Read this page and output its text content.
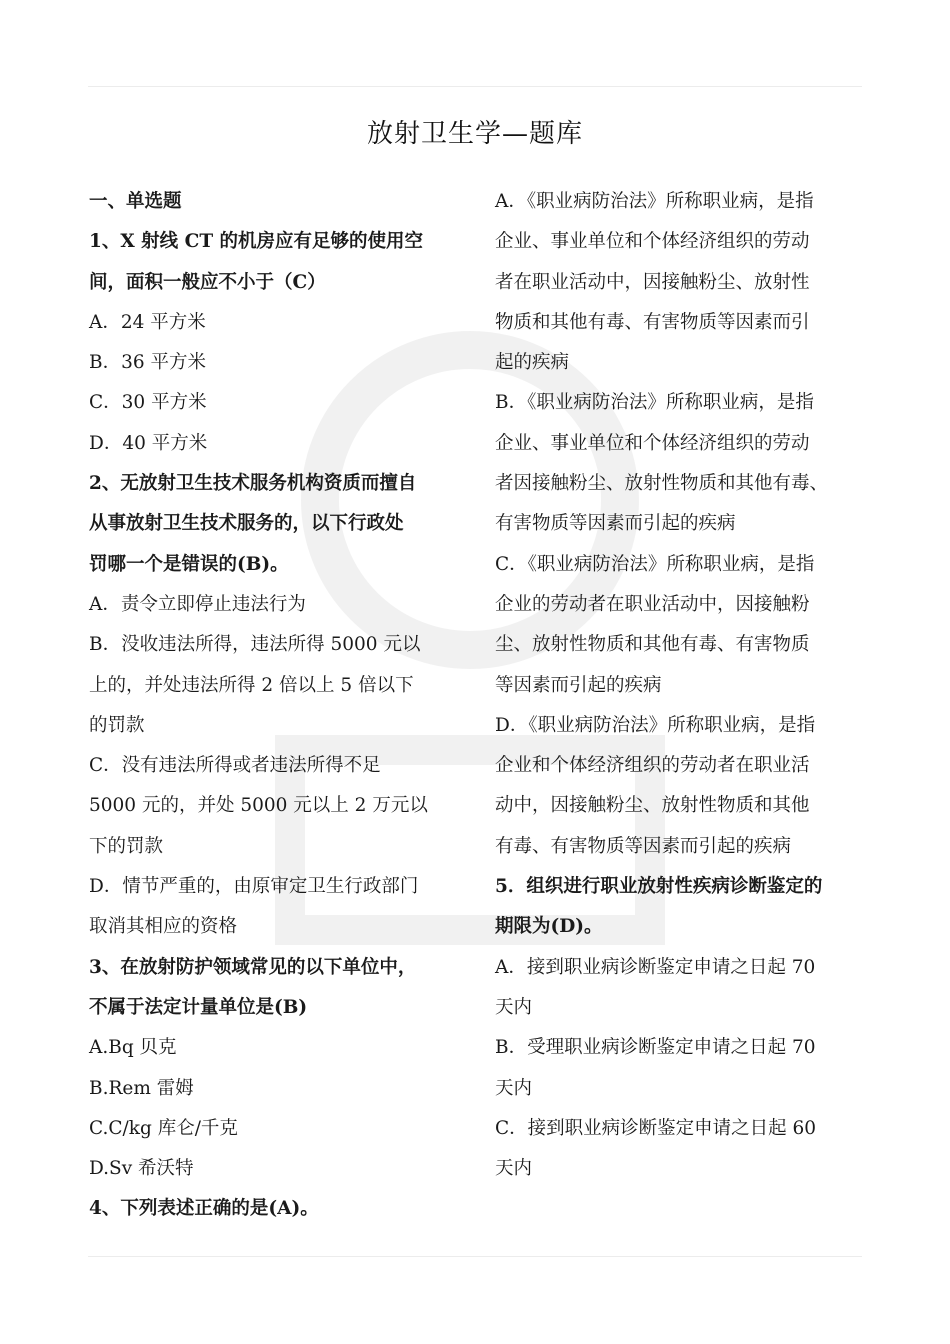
放射卫生学—题库
一、单选题
1、X 射线 CT 的机房应有足够的使用空
间，面积一般应不小于（C）
A．24 平方米
B．36 平方米
C．30 平方米
D．40 平方米
2、无放射卫生技术服务机构资质而擅自
从事放射卫生技术服务的，以下行政处
罚哪一个是错误的(B)。
A．责令立即停止违法行为
B．没收违法所得，违法所得 5000 元以
上的，并处违法所得 2 倍以上 5 倍以下
的罚款
C．没有违法所得或者违法所得不足
5000 元的，并处 5000 元以上 2 万元以
下的罚款
D．情节严重的，由原审定卫生行政部门
取消其相应的资格
3、在放射防护领域常见的以下单位中，
不属于法定计量单位是(B)
A.Bq 贝克
B.Rem 雷姆
C.C/kg 库仑/千克
D.Sv 希沃特
4、下列表述正确的是(A)。
A．《职业病防治法》所称职业病，是指
企业、事业单位和个体经济组织的劳动
者在职业活动中，因接触粉尘、放射性
物质和其他有毒、有害物质等因素而引
起的疾病
B．《职业病防治法》所称职业病，是指
企业、事业单位和个体经济组织的劳动
者因接触粉尘、放射性物质和其他有毒、
有害物质等因素而引起的疾病
C．《职业病防治法》所称职业病，是指
企业的劳动者在职业活动中，因接触粉
尘、放射性物质和其他有毒、有害物质
等因素而引起的疾病
D．《职业病防治法》所称职业病，是指
企业和个体经济组织的劳动者在职业活
动中，因接触粉尘、放射性物质和其他
有毒、有害物质等因素而引起的疾病
5．组织进行职业放射性疾病诊断鉴定的
期限为(D)。
A．接到职业病诊断鉴定申请之日起 70
天内
B．受理职业病诊断鉴定申请之日起 70
天内
C．接到职业病诊断鉴定申请之日起 60
天内
